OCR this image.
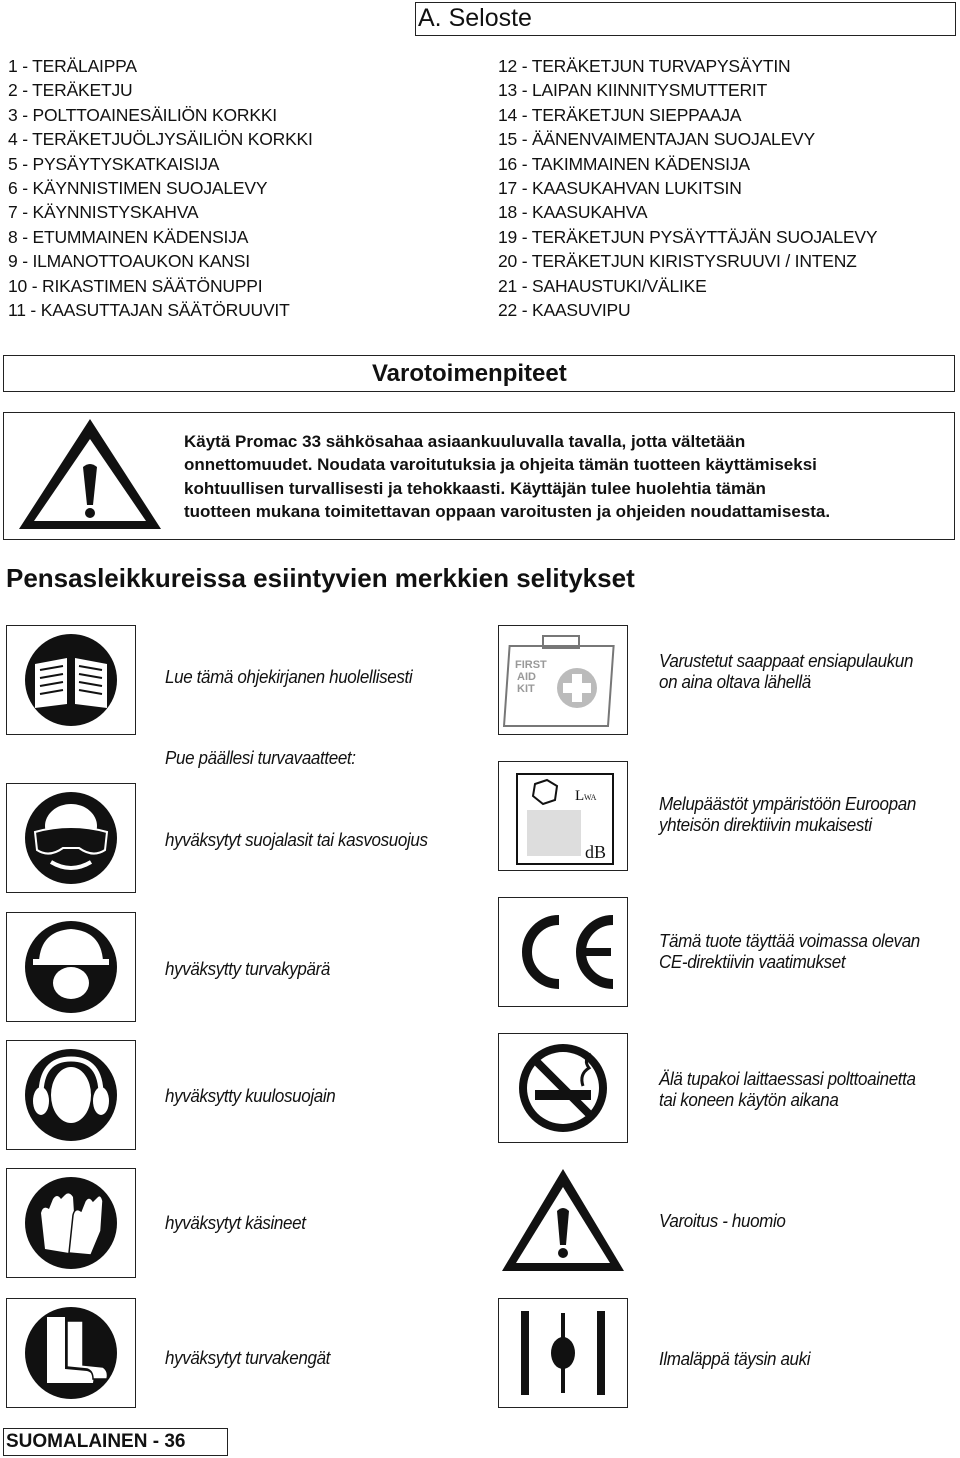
A. Seloste
1 - TERÄLAIPPA
2 - TERÄKETJU
3 - POLTTOAINESÄILIÖN KORKKI
4 - TERÄKETJUÖLJYSÄILIÖN KORKKI
5 - PYSÄYTYSKATKAISIJA
6 - KÄYNNISTIMEN SUOJALEVY
7 - KÄYNNISTYSKAHVA
8 - ETUMMAINEN KÄDENSIJA
9 - ILMANOTTOAUKON KANSI
10 - RIKASTIMEN SÄÄTÖNUPPI
11 - KAASUTTAJAN SÄÄTÖRUUVIT
12 - TERÄKETJUN TURVAPYSÄYTIN
13 - LAIPAN KIINNITYSMUTTERIT
14 - TERÄKETJUN SIEPPAAJA
15 - ÄÄNENVAIMENTAJAN SUOJALEVY
16 - TAKIMMAINEN KÄDENSIJA
17 - KAASUKAHVAN LUKITSIN
18 - KAASUKAHVA
19 - TERÄKETJUN PYSÄYTTÄJÄN SUOJALEVY
20 - TERÄKETJUN KIRISTYSRUUVI / INTENZ
21 - SAHAUSTUKI/VÄLIKE
22 - KAASUVIPU
Varotoimenpiteet
Käytä Promac 33 sähkösahaa asiaankuuluvalla tavalla, jotta vältetään
onnettomuudet. Noudata varoitutuksia ja ohjeita tämän tuotteen käyttämiseksi
kohtuullisen turvallisesti ja tehokkaasti. Käyttäjän tulee huolehtia tämän
tuotteen mukana toimitettavan oppaan varoitusten ja ohjeiden noudattamisesta.
Pensasleikkureissa esiintyvien merkkien selitykset
Lue tämä ohjekirjanen huolellisesti
Pue päällesi turvavaatteet:
hyväksytyt suojalasit tai kasvosuojus
hyväksytty turvakypärä
hyväksytty kuulosuojain
hyväksytyt käsineet
hyväksytyt turvakengät
FIRST
AID
KIT
Varustetut saappaat ensiapulaukun
on aina oltava lähellä
L WA
dB
Melupäästöt ympäristöön Euroopan
yhteisön direktiivin mukaisesti
Tämä tuote täyttää voimassa olevan
CE-direktiivin vaatimukset
Älä tupakoi laittaessasi polttoainetta
tai koneen käytön aikana
Varoitus - huomio
Ilmaläppä täysin auki
SUOMALAINEN - 36
